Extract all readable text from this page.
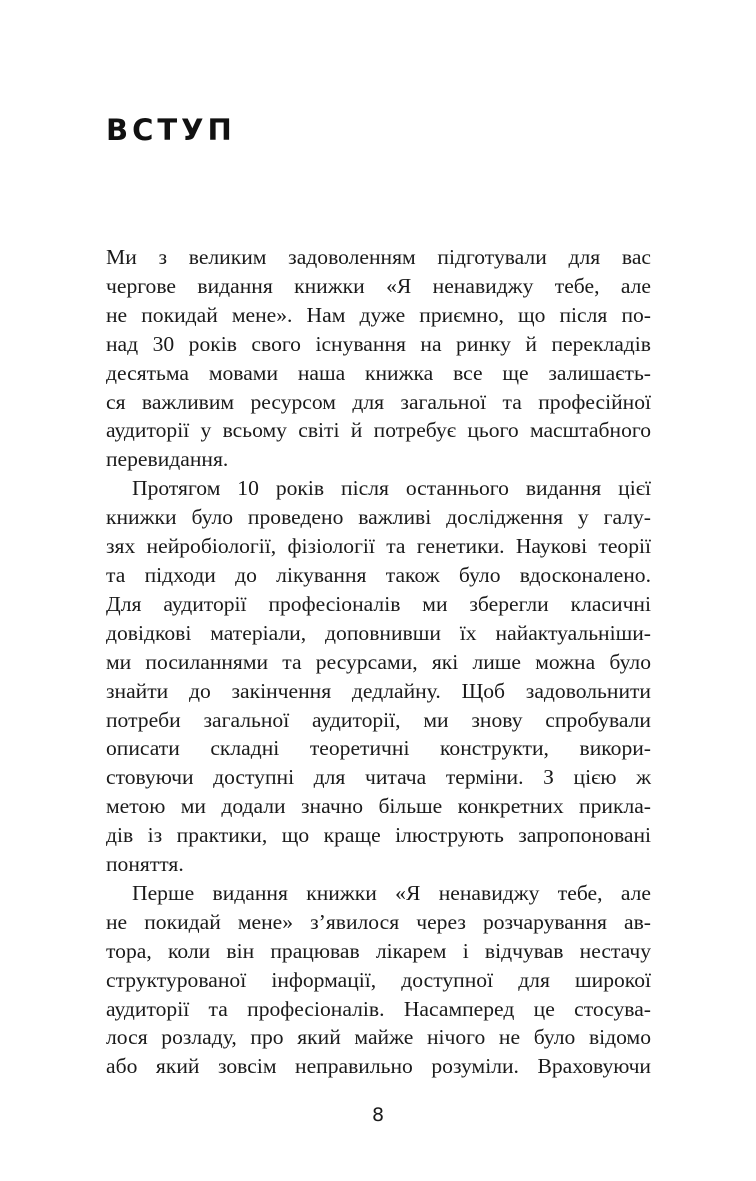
ВСТУП
Ми з великим задоволенням підготували для вас
чергове видання книжки «Я ненавиджу тебе, але
не покидай мене». Нам дуже приємно, що після по-
над 30 років свого існування на ринку й перекладів
десятьма мовами наша книжка все ще залишаєть-
ся важливим ресурсом для загальної та професійної
аудиторії у всьому світі й потребує цього масштабного
перевидання.
Протягом 10 років після останнього видання цієї
книжки було проведено важливі дослідження у галу-
зях нейробіології, фізіології та генетики. Наукові теорії
та підходи до лікування також було вдосконалено.
Для аудиторії професіоналів ми зберегли класичні
довідкові матеріали, доповнивши їх найактуальніши-
ми посиланнями та ресурсами, які лише можна було
знайти до закінчення дедлайну. Щоб задовольнити
потреби загальної аудиторії, ми знову спробували
описати складні теоретичні конструкти, викори-
стовуючи доступні для читача терміни. З цією ж
метою ми додали значно більше конкретних прикла-
дів із практики, що краще ілюструють запропоновані
поняття.
Перше видання книжки «Я ненавиджу тебе, але
не покидай мене» з’явилося через розчарування ав-
тора, коли він працював лікарем і відчував нестачу
структурованої інформації, доступної для широкої
аудиторії та професіоналів. Насамперед це стосува-
лося розладу, про який майже нічого не було відомо
або який зовсім неправильно розуміли. Враховуючи
8
